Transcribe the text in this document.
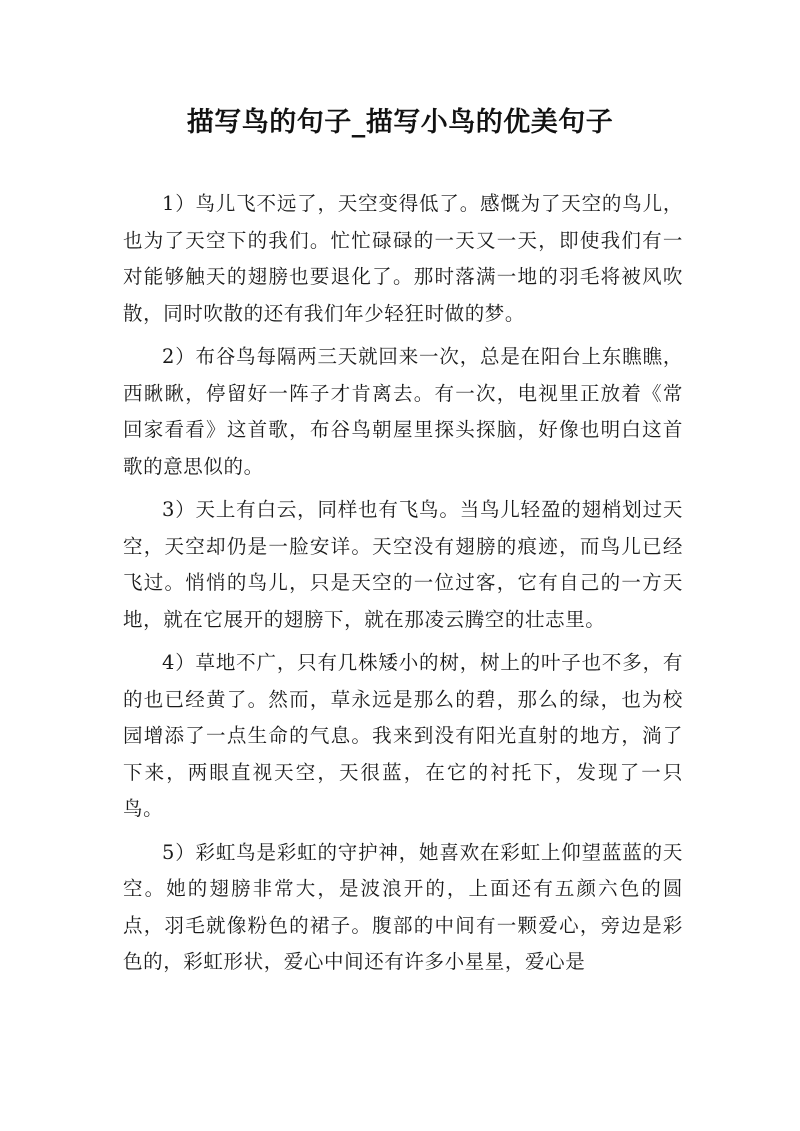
描写鸟的句子_描写小鸟的优美句子

1）鸟儿飞不远了，天空变得低了。感慨为了天空的鸟儿，也为了天空下的我们。忙忙碌碌的一天又一天，即使我们有一对能够触天的翅膀也要退化了。那时落满一地的羽毛将被风吹散，同时吹散的还有我们年少轻狂时做的梦。

2）布谷鸟每隔两三天就回来一次，总是在阳台上东瞧瞧，西瞅瞅，停留好一阵子才肯离去。有一次，电视里正放着《常回家看看》这首歌，布谷鸟朝屋里探头探脑，好像也明白这首歌的意思似的。

3）天上有白云，同样也有飞鸟。当鸟儿轻盈的翅梢划过天空，天空却仍是一脸安详。天空没有翅膀的痕迹，而鸟儿已经飞过。悄悄的鸟儿，只是天空的一位过客，它有自己的一方天地，就在它展开的翅膀下，就在那凌云腾空的壮志里。

4）草地不广，只有几株矮小的树，树上的叶子也不多，有的也已经黄了。然而，草永远是那么的碧，那么的绿，也为校园增添了一点生命的气息。我来到没有阳光直射的地方，淌了下来，两眼直视天空，天很蓝，在它的衬托下，发现了一只鸟。

5）彩虹鸟是彩虹的守护神，她喜欢在彩虹上仰望蓝蓝的天空。她的翅膀非常大，是波浪开的，上面还有五颜六色的圆点，羽毛就像粉色的裙子。腹部的中间有一颗爱心，旁边是彩色的，彩虹形状，爱心中间还有许多小星星，爱心是
